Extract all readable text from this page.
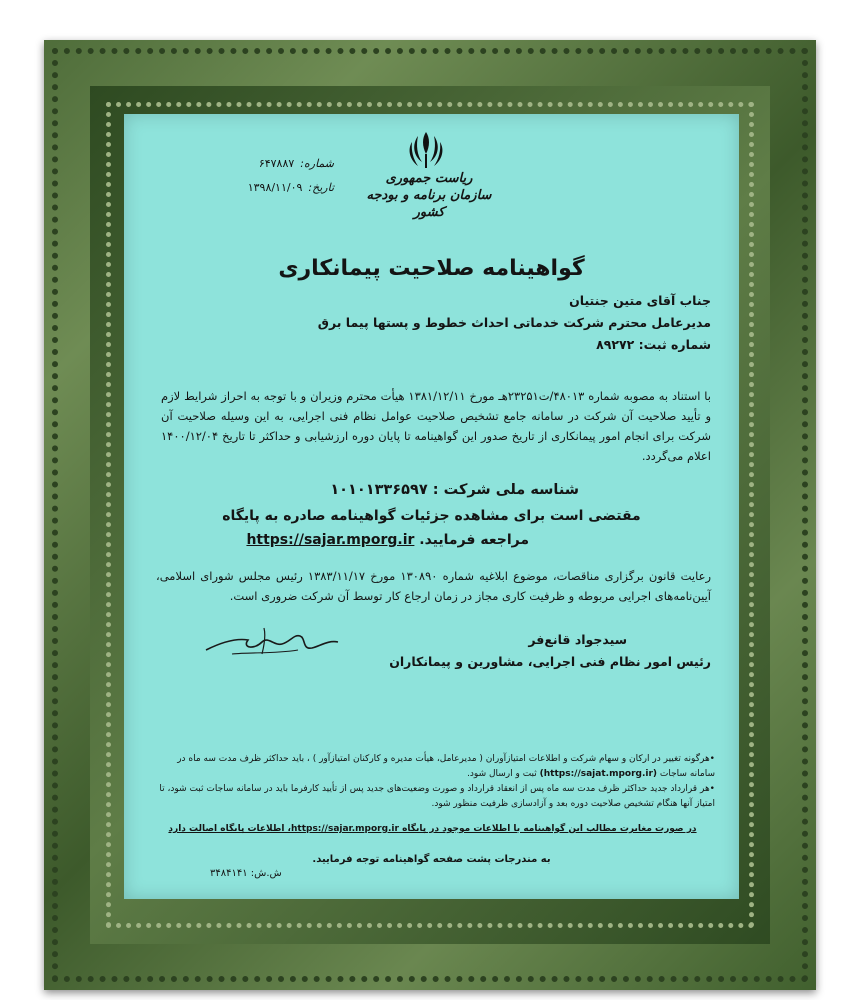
ریاست جمهوری
سازمان برنامه و بودجه کشور
شماره:
۶۴۷۸۸۷
تاریخ:
۱۳۹۸/۱۱/۰۹
گواهینامه صلاحیت پیمانکاری
جناب آقای متین جنتیان
مدیرعامل محترم شرکت خدماتی احداث خطوط و پستها پیما برق
شماره ثبت: ۸۹۲۷۲
با استناد به مصوبه شماره ۴۸۰۱۳/ت۲۳۲۵۱هـ مورخ ۱۳۸۱/۱۲/۱۱ هیأت محترم وزیران و با توجه به احراز شرایط لازم و تأیید صلاحیت آن شرکت در سامانه جامع تشخیص صلاحیت عوامل نظام فنی اجرایی، به این وسیله صلاحیت آن شرکت برای انجام امور پیمانکاری از تاریخ صدور این گواهینامه تا پایان دوره ارزشیابی و حداکثر تا تاریخ ۱۴۰۰/۱۲/۰۴ اعلام می‌گردد.
شناسه ملی شرکت : ۱۰۱۰۱۳۳۶۵۹۷
مقتضی است برای مشاهده جزئیات گواهینامه صادره به پایگاه
مراجعه فرمایید. https://sajar.mporg.ir
رعایت قانون برگزاری مناقصات، موضوع ابلاغیه شماره ۱۳۰۸۹۰ مورخ ۱۳۸۳/۱۱/۱۷ رئیس مجلس شورای اسلامی، آیین‌نامه‌های اجرایی مربوطه و ظرفیت کاری مجاز در زمان ارجاع کار توسط آن شرکت ضروری است.
سیدجواد قانع‌فر
رئیس امور نظام فنی اجرایی، مشاورین و پیمانکاران

•هرگونه تغییر در ارکان و سهام شرکت و اطلاعات امتیازآوران ( مدیرعامل، هیأت مدیره و کارکنان امتیازآور ) ، باید حداکثر ظرف مدت سه ماه در سامانه ساجات (https://sajat.mporg.ir) ثبت و ارسال شود.

•هر قرارداد جدید حداکثر ظرف مدت سه ماه پس از انعقاد قرارداد و صورت وضعیت‌های جدید پس از تأیید کارفرما باید در سامانه ساجات ثبت شود، تا امتیاز آنها هنگام تشخیص صلاحیت دوره بعد و آزادسازی ظرفیت منظور شود.

در صورت مغایرت مطالب این گواهینامه با اطلاعات موجود در پایگاه https://sajar.mporg.ir، اطلاعات پایگاه اصالت دارد
به مندرجات پشت صفحه گواهینامه توجه فرمایید.
ش.ش: ۳۴۸۴۱۴۱
